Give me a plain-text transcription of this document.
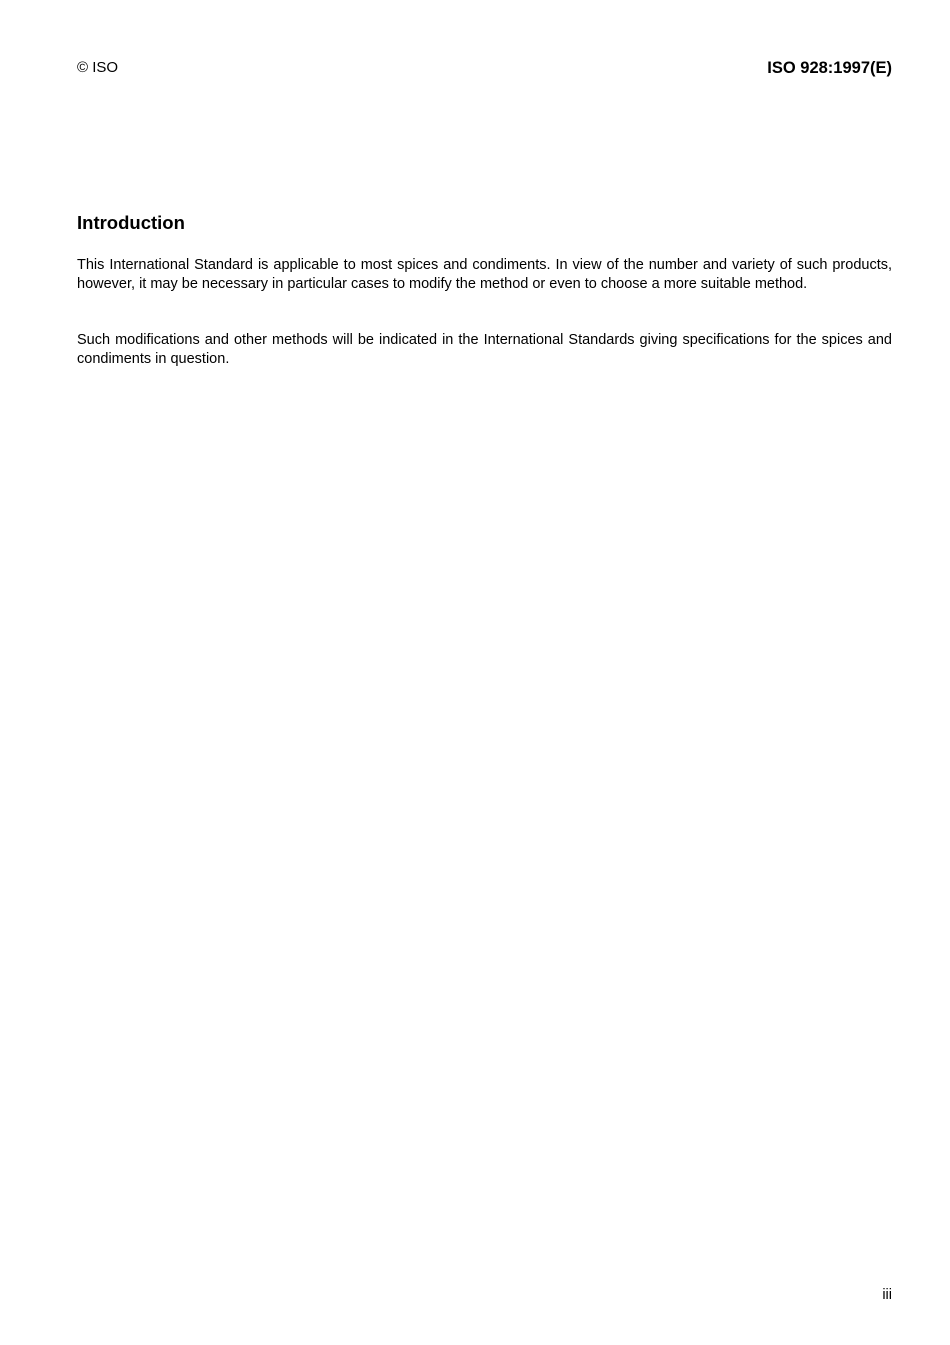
© ISO	ISO 928:1997(E)
Introduction

This International Standard is applicable to most spices and condiments. In view of the number and variety of such products, however, it may be necessary in particular cases to modify the method or even to choose a more suitable method.

Such modifications and other methods will be indicated in the International Standards giving specifications for the spices and condiments in question.

iii
